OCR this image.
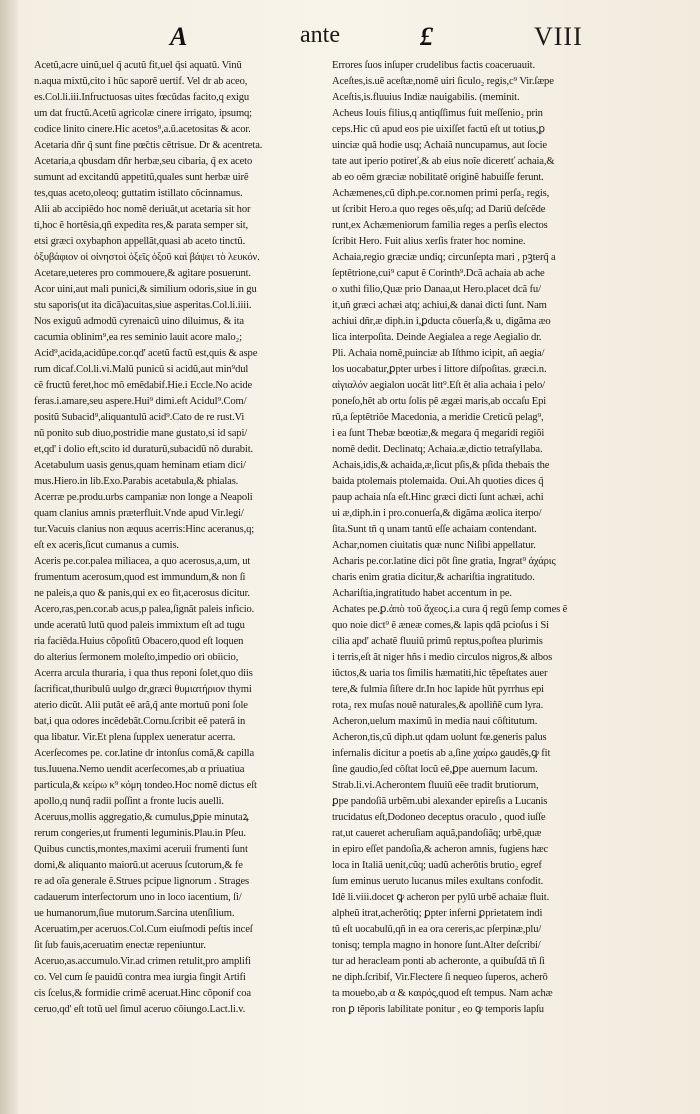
A	ante	£	VIII
Acetũ,acre uinũ,uel q̃ acutũ fit,uel q̃si aquatũ. Vinũ
n.aqua mixtũ,cito i hũc saporẽ uertif. Vel dr ab aceo,
es.Col.li.iii.Infructuosas uites fœcũdas facito,q exigu
um dat fructũ.Acetũ agricolæ cinere irrigato, ipsumq;
codice linito cinere.Hic acetos⁹,a.ũ.acetositas & acor.
Acetaria dñr q̃ sunt fine pœ̃ctis cẽtrisue. Dr & acentreta.
Acetaria,a qbusdam dñr herbæ,seu cibaria, q̃ ex aceto
sumunt ad excitandũ appetitũ,quales sunt herbæ uirẽ
tes,quas aceto,oleoq; guttatim istillato cõcinnamus.
Alii ab accipiẽdo hoc nomẽ deriuãt,ut acetaria sit hor
ti,hoc ẽ hortẽsia,qñ expedita res,& parata semper sit,
etsi græci oxybaphon appellãt,quasi ab aceto tinctũ.
ὀξυβάφιον οἱ οἰνηστοὶ ὀξεῖς ὀξοῦ καὶ βάψει τὸ λευκόν.
Acetare,ueteres pro commouere,& agitare posuerunt.
Acor uini,aut mali punici,& similium odoris,siue in gu
stu saporis(ut ita dicã)acuitas,siue asperitas.Col.li.iiii.
Nos exiguũ admodũ cyrenaicũ uino diluimus, & ita
cacumia oblinim⁹,ea res seminio lauit acore malo₂;
Acid⁹,acida,acidũpe.cor.qd' acetũ factũ est,quis & aspe
rum dicaf.Col.li.vi.Malũ punicũ si acidũ,aut min⁹dul
cẽ fructũ feret,hoc mõ emẽdabif.Hie.i Eccle.No acide
feras.i.amare,seu aspere.Hui⁹ dimi.eft Acidul⁹.Com/
positũ Subacid⁹,aliquantulũ acid⁹.Cato de re rust.Vi
nũ ponito sub diuo,postridie mane gustato,si id sapi/
et,qd' i dolio eft,scito id duraturũ,subacidũ nõ durabit.
Acetabulum uasis genus,quam heminam etiam dici/
mus.Hiero.in lib.Exo.Parabis acetabula,& phialas.
Acerræ pe.produ.urbs campaniæ non longe a Neapoli
quam clanius amnis præterfluit.Vnde apud Vir.legi/
tur.Vacuis clanius non æquus acerris:Hinc aceranus,q;
eſt ex aceris,ſicut cumanus a cumis.
Aceris pe.cor.palea miliacea, a quo acerosus,a,um, ut
frumentum acerosum,quod est immundum,& non ſi
ne paleis,a quo & panis,qui ex eo fit,acerosus dicitur.
Acero,ras,pen.cor.ab acus,p palea,ſignãt paleis inficio.
unde aceratũ lutũ quod paleis immixtum eſt ad tugu
ria faciẽda.Huius cõpoſitũ Obacero,quod eſt loquen
do alterius ſermonem moleſto,impedio ori obiicio,
Acerra arcula thuraria, i qua thus reponi ſolet,quo diis
ſacrificat,thuribulũ uulgo dr,græci θυμιατήριον thymi
aterio dicũt. Alii putãt eẽ arã,q̃ ante mortuũ poni ſole
bat,i qua odores incẽdebãt.Cornu.ſcribit eẽ paterã in
qua libatur. Vir.Et plena ſupplex ueneratur acerra.
Acerſecomes pe. cor.latine dr intonſus comã,& capilla
tus.Iuuena.Nemo uendit acerſecomes,ab α priuatiua
particula,& κείρω κ⁹ κόμη tondeo.Hoc nomẽ dictus eſt
apollo,q nunq̃ radii poſſint a fronte lucis auelli.
Aceruus,mollis aggregatio,& cumulus,ꝑpie minutaꝝ
rerum congeries,ut frumenti leguminis.Plau.in Pſeu.
Quibus cunctis,montes,maximi aceruii frumenti ſunt
domi,& aliquanto maiorũ.ut aceruus ſcutorum,& fe
re ad oĩa generale ẽ.Strues pcipue lignorum . Strages
cadauerum interſectorum uno in loco iacentium, ſi/
ue humanorum,ſiue mutorum.Sarcina utenſilium.
Aceruatim,per aceruos.Col.Cum eiuſmodi peſtis inceſ
ſit ſub fauis,aceruatim enectæ repeniuntur.
Aceruo,as.accumulo.Vir.ad crimen retulit,pro amplifi
co. Vel cum ſe pauidũ contra mea iurgia fingit Artifi
cis ſcelus,& formidie crimẽ aceruat.Hinc cõponif coa
ceruo,qd' eſt totũ uel ſimul aceruo cõiungo.Lact.li.v.
Errores ſuos inſuper crudelibus factis coaceruauit.
Aceſtes,is.uẽ aceſtæ,nomẽ uiri ſiculo₂ regis,c⁹ Vir.ſæpe
Aceſtis,is.fluuius Indiæ nauigabilis. (meminit.
Acheus Iouis filius,q antiqſſimus fuit meſſenio₂ prin
ceps.Hic cũ apud eos pie uixiſſet factũ eſt ut totius,ꝑ
uinciæ quã hodie usq; Achaiã nuncupamus, aut ſocie
tate aut iperio potireť,& ab eius noĩe diceretť achaia,&
ab eo oẽm græciæ nobilitatẽ originẽ habuiſſe ferunt.
Achæmenes,cũ diph.pe.cor.nomen primi perſa₂ regis,
ut ſcribit Hero.a quo reges oẽs,uſq; ad Dariũ deſcẽde
runt,ex Achæmeniorum familia reges a perſis electos
ſcribit Hero. Fuit alius xerſis frater hoc nomine.
Achaia,regio græciæ undiq; circunſepta mari , pꝫterq̃ a
ſeptẽtrione,cui⁹ caput ẽ Corinth⁹.Dcã achaia ab ache
o xuthi filio,Quæ prio Danaa,ut Hero.placet dcã fu/
it,uñ græci achæi atq; achiui,& danai dicti ſunt. Nam
achiui dñr,æ diph.in i,ꝑducta cõuerſa,& u, digãma æo
lica interpoſita. Deinde Aegialea a rege Aegialio dr.
Pli. Achaia nomẽ,puinciæ ab Iſthmo icipit, añ aegia/
los uocabatur,ꝑpter urbes i littore diſpoſitas. græci.n.
αἰγιαλόν aegialon uocãt litt⁹.Eſt ẽt alia achaia i pelo/
poneſo,hẽt ab ortu ſolis pẽ ægæi maris,ab occaſu Epi
rũ,a ſeptẽtriõe Macedonia, a meridie Creticũ pelag⁹,
i ea ſunt Thebæ bœotiæ,& megara q̃ megaridi regiõi
nomẽ dedit. Declinatq; Achaia.æ,dictio tetraſyllaba.
Achais,idis,& achaida,æ,ſicut pſis,& pſida thebais the
baida ptolemais ptolemaida. Oui.Ah quoties dices q̃
paup achaia nſa eſt.Hinc græci dicti ſunt achæi, achi
ui æ,diph.in i pro.conuerſa,& digãma æolica iterpo/
ſita.Sunt tñ q unam tantũ eſſe achaiam contendant.
Achar,nomen ciuitatis quæ nunc Niſibi appellatur.
Acharis pe.cor.latine dici pōt ſine gratia, Ingrat⁹ ἀχάρις
charis enim gratia dicitur,& achariſtia ingratitudo.
Achariſtia,ingratitudo habet accentum in pe.
Achates pe.ꝑ.ἀπὸ τοῦ ἄχεος.i.a cura q̃ regũ ſemp comes ẽ
quo noie dict⁹ ẽ æneæ comes,& lapis qdã pcioſus i Si
cilia apd' achatẽ fluuiũ primũ reptus,poſtea plurimis
i terris,eſt ãt niger hñs i medio circulos nigros,& albos
iũctos,& uaria tos ſimilis hæmatiti,hic tẽpeſtates auer
tere,& fulmia ſiſtere dr.In hoc lapide hũt pyrrhus epi
rota₂ rex muſas nouẽ naturales,& apolliñẽ cum lyra.
Acheron,uelum maximũ in media naui cõſtitutum.
Acheron,tis,cũ diph.ut qdam uolunt fœ.generis palus
infernalis dicitur a poetis ab a,ſine χαίρω gaudẽs,ꝙ fit
ſine gaudio,ſed cõſtat locũ eẽ,ꝑpe auernum Iacum.
Strab.li.vi.Acherontem fluuiũ eẽe tradit brutiorum,
ꝑpe pandoſiã urbẽm.ubi alexander epireſis a Lucanis
trucidatus eſt,Dodoneo deceptus oraculo , quod iuſſe
rat,ut caueret acheruſiam aquã,pandoſiãq; urbẽ,quæ
in epiro eſſet pandoſia,& acheron amnis, fugiens hæc
loca in Italiã uenit,cũq; uadũ acherõtis brutio₂ egref
ſum eminus ueruto lucanus miles exultans confodit.
Idẽ li.viii.docet ꝙ acheron per pylũ urbẽ achaiæ fluit.
alpheũ itrat,acherõtiq; ꝑpter inferni ꝑprietatem indi
tũ eſt uocabulũ,qñ in ea ora cereris,ac pſerpinæ,plu/
tonisq; templa magno in honore ſunt.Alter deſcribi/
tur ad heracleam ponti ab acheronte, a quibuſdã tñ ſi
ne diph.ſcribif, Vir.Flectere ſi nequeo ſuperos, acherõ
ta mouebo,ab α & καιρός,quod eſt tempus. Nam achæ
ron ꝑ tẽporis labilitate ponitur , eo ꝙ temporis lapſu
